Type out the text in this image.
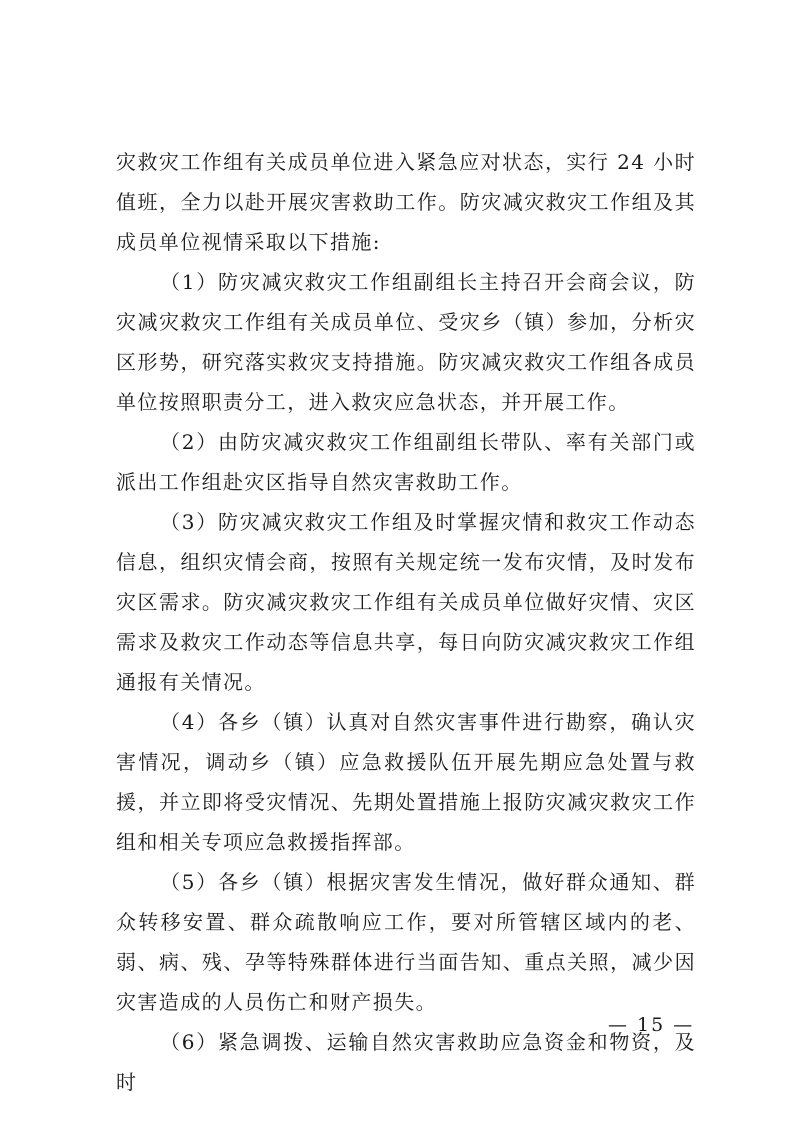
灾救灾工作组有关成员单位进入紧急应对状态，实行 24 小时值班，全力以赴开展灾害救助工作。防灾减灾救灾工作组及其成员单位视情采取以下措施:

（1）防灾减灾救灾工作组副组长主持召开会商会议，防灾减灾救灾工作组有关成员单位、受灾乡（镇）参加，分析灾区形势，研究落实救灾支持措施。防灾减灾救灾工作组各成员单位按照职责分工，进入救灾应急状态，并开展工作。

（2）由防灾减灾救灾工作组副组长带队、率有关部门或派出工作组赴灾区指导自然灾害救助工作。

（3）防灾减灾救灾工作组及时掌握灾情和救灾工作动态信息，组织灾情会商，按照有关规定统一发布灾情，及时发布灾区需求。防灾减灾救灾工作组有关成员单位做好灾情、灾区需求及救灾工作动态等信息共享，每日向防灾减灾救灾工作组通报有关情况。

（4）各乡（镇）认真对自然灾害事件进行勘察，确认灾害情况，调动乡（镇）应急救援队伍开展先期应急处置与救援，并立即将受灾情况、先期处置措施上报防灾减灾救灾工作组和相关专项应急救援指挥部。

（5）各乡（镇）根据灾害发生情况，做好群众通知、群众转移安置、群众疏散响应工作，要对所管辖区域内的老、弱、病、残、孕等特殊群体进行当面告知、重点关照，减少因灾害造成的人员伤亡和财产损失。

（6）紧急调拨、运输自然灾害救助应急资金和物资，及时

— 15 —
